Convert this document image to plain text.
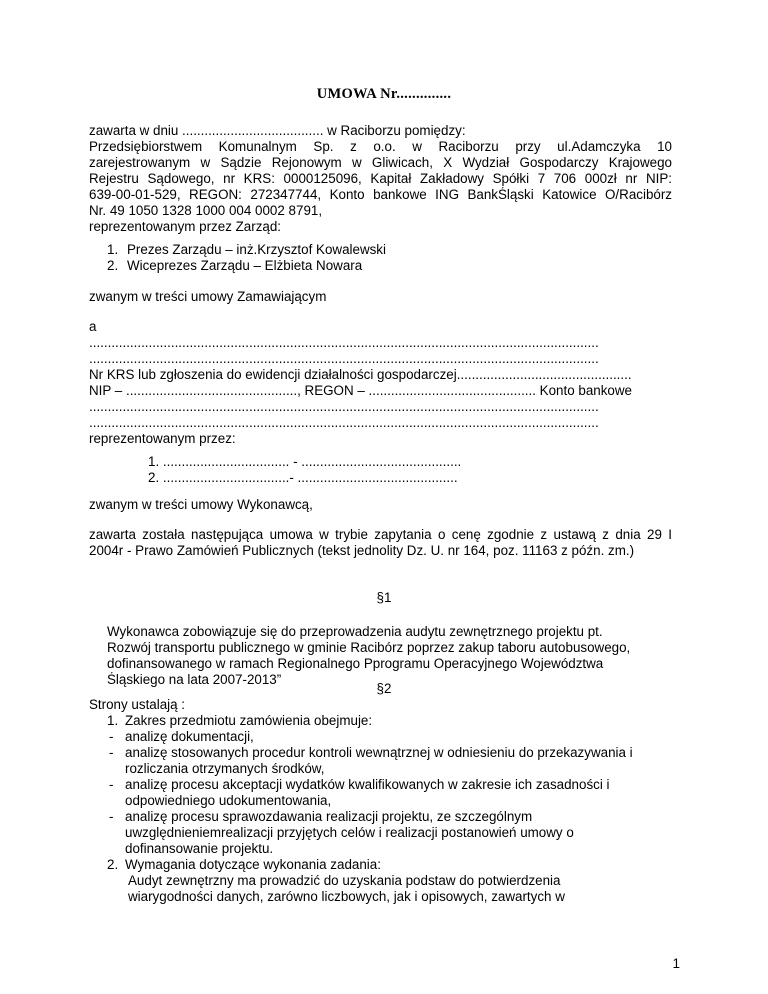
UMOWA Nr..............
zawarta w dniu ...................................... w Raciborzu pomiędzy:
Przedsiębiorstwem Komunalnym Sp. z o.o. w Raciborzu przy ul.Adamczyka 10
zarejestrowanym w Sądzie Rejonowym w Gliwicach, X Wydział Gospodarczy Krajowego
Rejestru Sądowego, nr KRS: 0000125096, Kapitał Zakładowy Spółki 7 706 000zł nr NIP:
639-00-01-529, REGON: 272347744, Konto bankowe ING BankŚląski Katowice O/Racibórz
Nr. 49 1050 1328 1000 004 0002 8791,
reprezentowanym przez Zarząd:
1. Prezes Zarządu – inż.Krzysztof Kowalewski
2. Wiceprezes Zarządu – Elżbieta Nowara
zwanym w treści umowy Zamawiającym
a
.........................................................................................................................................
.........................................................................................................................................
Nr KRS lub zgłoszenia do ewidencji działalności gospodarczej...............................................
NIP – .............................................., REGON – ............................................. Konto bankowe
.........................................................................................................................................
.........................................................................................................................................
reprezentowanym przez:
1. .................................. - ...........................................
2. ..................................- ...........................................
zwanym w treści umowy Wykonawcą,
zawarta została następująca umowa w trybie zapytania o cenę zgodnie z ustawą z dnia 29 I
2004r - Prawo Zamówień Publicznych (tekst jednolity Dz. U. nr 164, poz. 11163 z późn. zm.)
§1
Wykonawca zobowiązuje się do przeprowadzenia audytu zewnętrznego projektu pt.
Rozwój transportu publicznego w gminie Racibórz poprzez zakup taboru autobusowego,
dofinansowanego w ramach Regionalnego Pprogramu Operacyjnego Województwa
Śląskiego na lata 2007-2013”
§2
Strony ustalają :
1. Zakres przedmiotu zamówienia obejmuje:
- analizę dokumentacji,
- analizę stosowanych procedur kontroli wewnątrznej w odniesieniu do przekazywania i
rozliczania otrzymanych środków,
- analizę procesu akceptacji wydatków kwalifikowanych w zakresie ich zasadności i
odpowiedniego udokumentowania,
- analizę procesu sprawozdawania realizacji projektu, ze szczególnym
uwzględnieniemrealizacji przyjętych celów i realizacji postanowień umowy o
dofinansowanie projektu.
2. Wymagania dotyczące wykonania zadania:
Audyt zewnętrzny ma prowadzić do uzyskania podstaw do potwierdzenia
wiarygodności danych, zarówno liczbowych, jak i opisowych, zawartych w
1
